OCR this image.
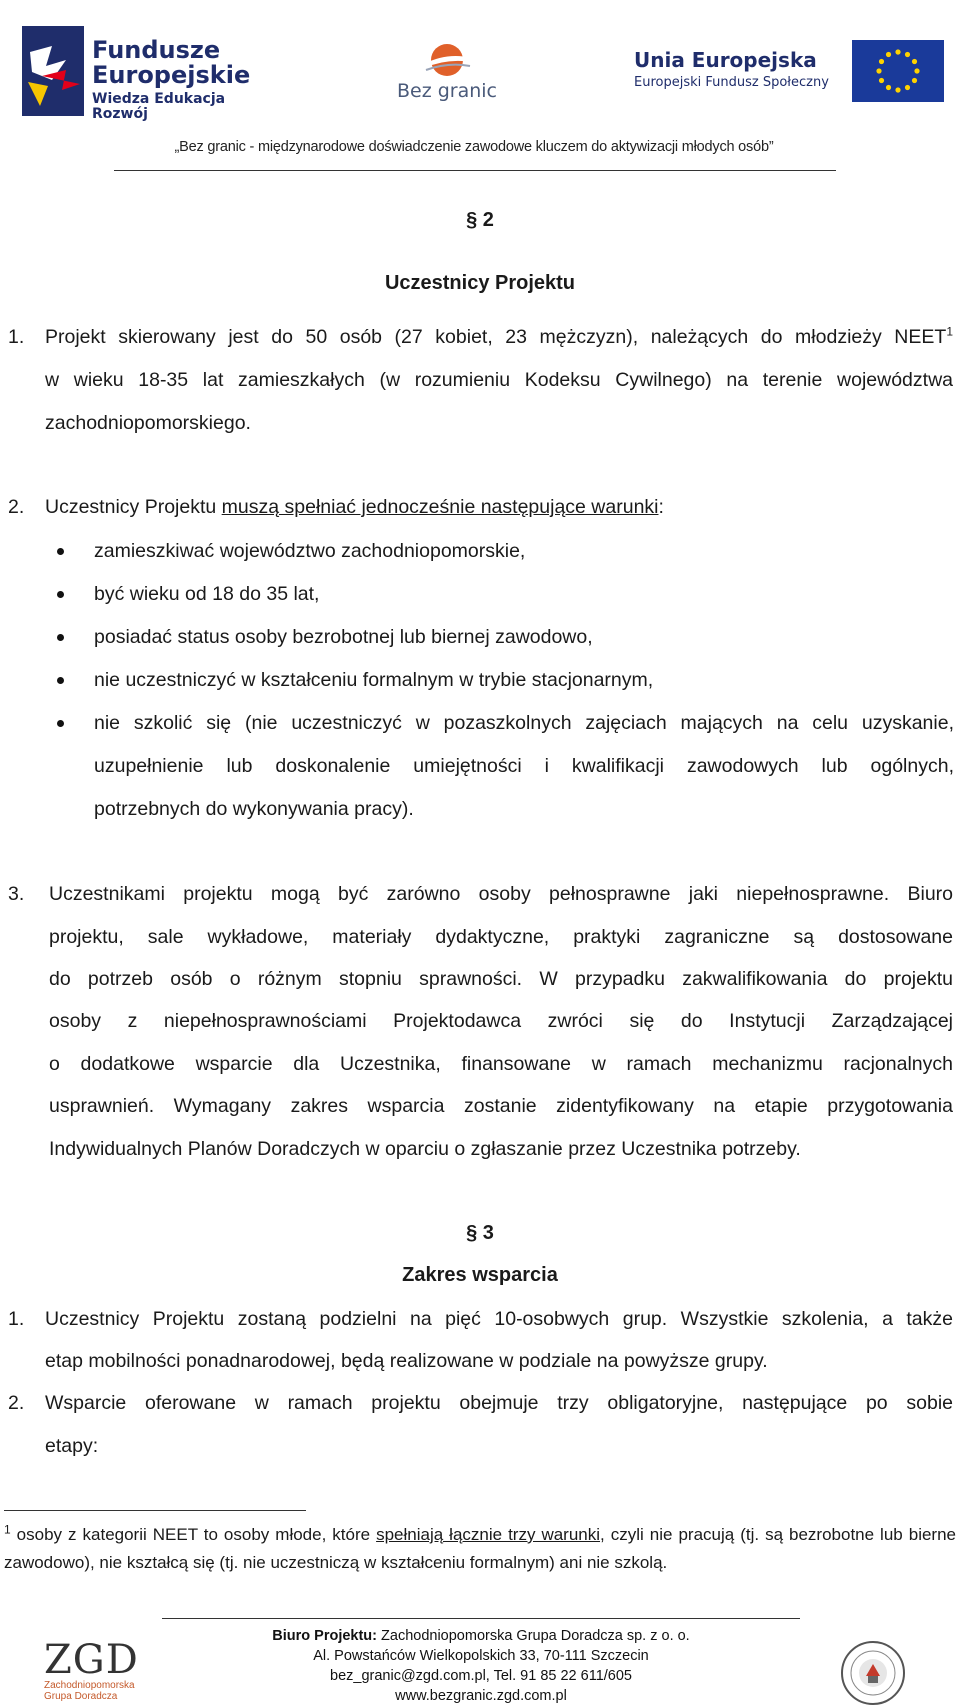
Fundusze
Europejskie
Wiedza Edukacja Rozwój
Bez granic
Unia Europejska
Europejski Fundusz Społeczny
„Bez granic - międzynarodowe doświadczenie zawodowe kluczem do aktywizacji młodych osób”
§ 2
Uczestnicy Projektu
1. Projekt skierowany jest do 50 osób (27 kobiet, 23 mężczyzn), należących do młodzieży NEET$^1$
w wieku 18-35 lat zamieszkałych (w rozumieniu Kodeksu Cywilnego) na terenie województwa
zachodniopomorskiego.
2. Uczestnicy Projektu muszą spełniać jednocześnie następujące warunki:
zamieszkiwać województwo zachodniopomorskie,
być wieku od 18 do 35 lat,
posiadać status osoby bezrobotnej lub biernej zawodowo,
nie uczestniczyć w kształceniu formalnym w trybie stacjonarnym,
nie szkolić się (nie uczestniczyć w pozaszkolnych zajęciach mających na celu uzyskanie,
uzupełnienie lub doskonalenie umiejętności i kwalifikacji zawodowych lub ogólnych,
potrzebnych do wykonywania pracy).
3. Uczestnikami projektu mogą być zarówno osoby pełnosprawne jaki niepełnosprawne. Biuro
projektu, sale wykładowe, materiały dydaktyczne, praktyki zagraniczne są dostosowane
do potrzeb osób o różnym stopniu sprawności. W przypadku zakwalifikowania do projektu
osoby z niepełnosprawnościami Projektodawca zwróci się do Instytucji Zarządzającej
o dodatkowe wsparcie dla Uczestnika, finansowane w ramach mechanizmu racjonalnych
usprawnień. Wymagany zakres wsparcia zostanie zidentyfikowany na etapie przygotowania
Indywidualnych Planów Doradczych w oparciu o zgłaszanie przez Uczestnika potrzeby.
§ 3
Zakres wsparcia
1. Uczestnicy Projektu zostaną podzielni na pięć 10-osobwych grup. Wszystkie szkolenia, a także
etap mobilności ponadnarodowej, będą realizowane w podziale na powyższe grupy.
2. Wsparcie oferowane w ramach projektu obejmuje trzy obligatoryjne, następujące po sobie
etapy:
$^1$ osoby z kategorii NEET to osoby młode, które spełniają łącznie trzy warunki, czyli nie pracują (tj. są bezrobotne lub bierne zawodowo), nie kształcą się (tj. nie uczestniczą w kształceniu formalnym) ani nie szkolą.
ZGD
Zachodniopomorska
Grupa Doradcza
Biuro Projektu: Zachodniopomorska Grupa Doradcza sp. z o. o.
Al. Powstańców Wielkopolskich 33, 70-111 Szczecin
bez_granic@zgd.com.pl, Tel. 91 85 22 611/605
www.bezgranic.zgd.com.pl
